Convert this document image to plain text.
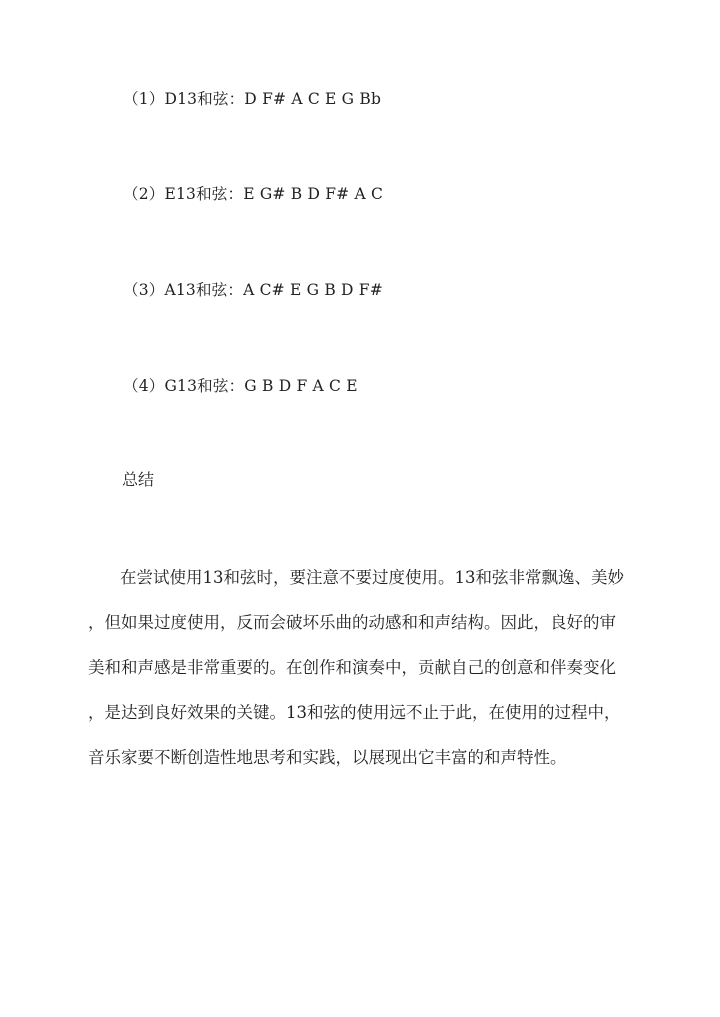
（1）D13和弦：D F# A C E G Bb
（2）E13和弦：E G# B D F# A C
（3）A13和弦：A C# E G B D F#
（4）G13和弦：G B D F A C E
总结
在尝试使用13和弦时，要注意不要过度使用。13和弦非常飘逸、美妙
，但如果过度使用，反而会破坏乐曲的动感和和声结构。因此，良好的审
美和和声感是非常重要的。在创作和演奏中，贡献自己的创意和伴奏变化
，是达到良好效果的关键。13和弦的使用远不止于此，在使用的过程中，
音乐家要不断创造性地思考和实践，以展现出它丰富的和声特性。
